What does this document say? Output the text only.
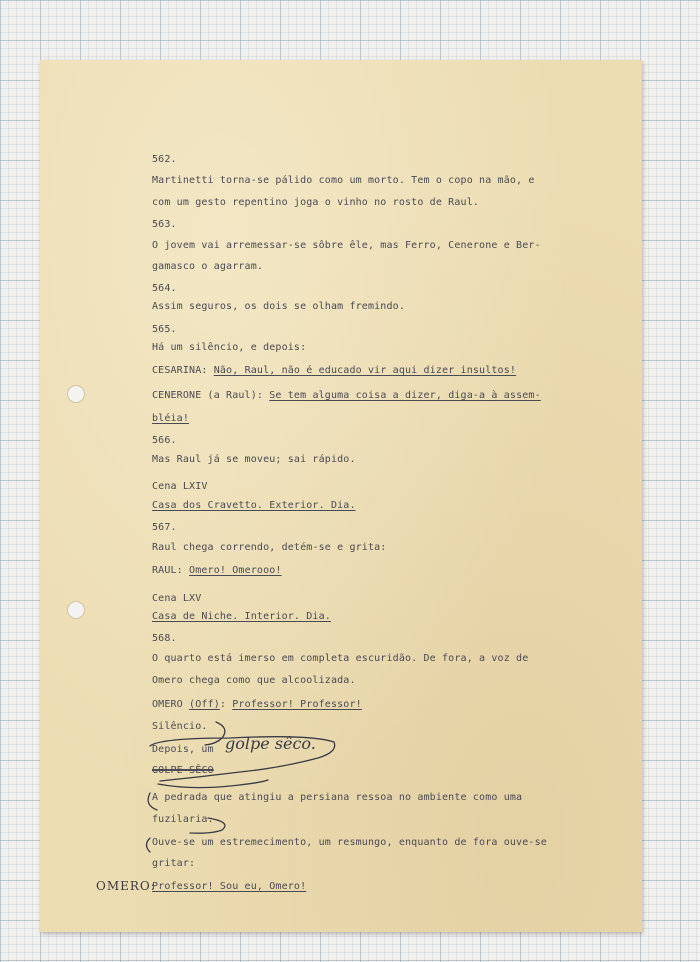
562.

Martinetti torna-se pálido como um morto. Tem o copo na mão, e

com um gesto repentino joga o vinho no rosto de Raul.

563.

O jovem vai arremessar-se sôbre êle, mas Ferro, Cenerone e Ber-

gamasco o agarram.

564.

Assim seguros, os dois se olham fremindo.

565.

Há um silêncio, e depois:

CESARINA: Não, Raul, não é educado vir aqui dizer insultos!

CENERONE (a Raul): Se tem alguma coisa a dizer, diga-a à assem-

bléia!

566.

Mas Raul já se moveu; sai rápido.

Cena LXIV

Casa dos Cravetto. Exterior. Dia.

567.

Raul chega correndo, detém-se e grita:

RAUL: Omero! Omerooo!

Cena LXV

Casa de Niche. Interior. Dia.

568.

O quarto está imerso em completa escuridão. De fora, a voz de

Omero chega como que alcoolizada.

OMERO (Off): Professor! Professor!

Silêncio.

Depois, um golpe sêco.

GOLPE SÊCO

A pedrada que atingiu a persiana ressoa no ambiente como uma

fuzilaria.

Ouve-se um estremecimento, um resmungo, enquanto de fora ouve-se

gritar:

OMERO:

Professor! Sou eu, Omero!
